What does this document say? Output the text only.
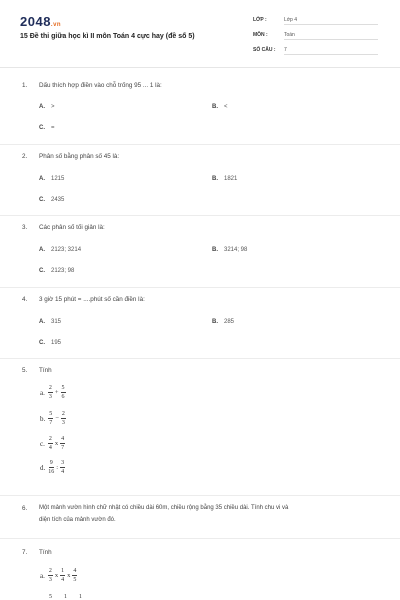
2048.vn
15 Đề thi giữa học kì II môn Toán 4 cực hay (đề số 5)
LỚP :	Lớp 4
MÔN :	Toán
SỐ CÂU : 7
1. Dấu thích hợp điền vào chỗ trống 95 ... 1 là:
A. >	B. <
C. =
2. Phân số bằng phân số 45 là:
A. 1215	B. 1821
C. 2435
3. Các phân số tối giản là:
A. 2123; 3214	B. 3214; 98
C. 2123; 98
4. 3 giờ 15 phút = ....phút số cần điền là:
A. 315	B. 285
C. 195
5. Tính
a. $\frac{2}{3} + \frac{5}{6}$
b. $\frac{5}{7} - \frac{2}{3}$
c. $\frac{2}{4}$ x $\frac{4}{7}$
d. $\frac{9}{16}$ : $\frac{3}{4}$
6.	Một mảnh vườn hình chữ nhật có chiều dài 60m, chiều rộng bằng 35 chiều dài. Tính chu vi và
diện tích của mảnh vườn đó.
7. Tính
a. $\frac{2}{3}$ x $\frac{1}{4}$ x $\frac{4}{5}$
5 1 1
